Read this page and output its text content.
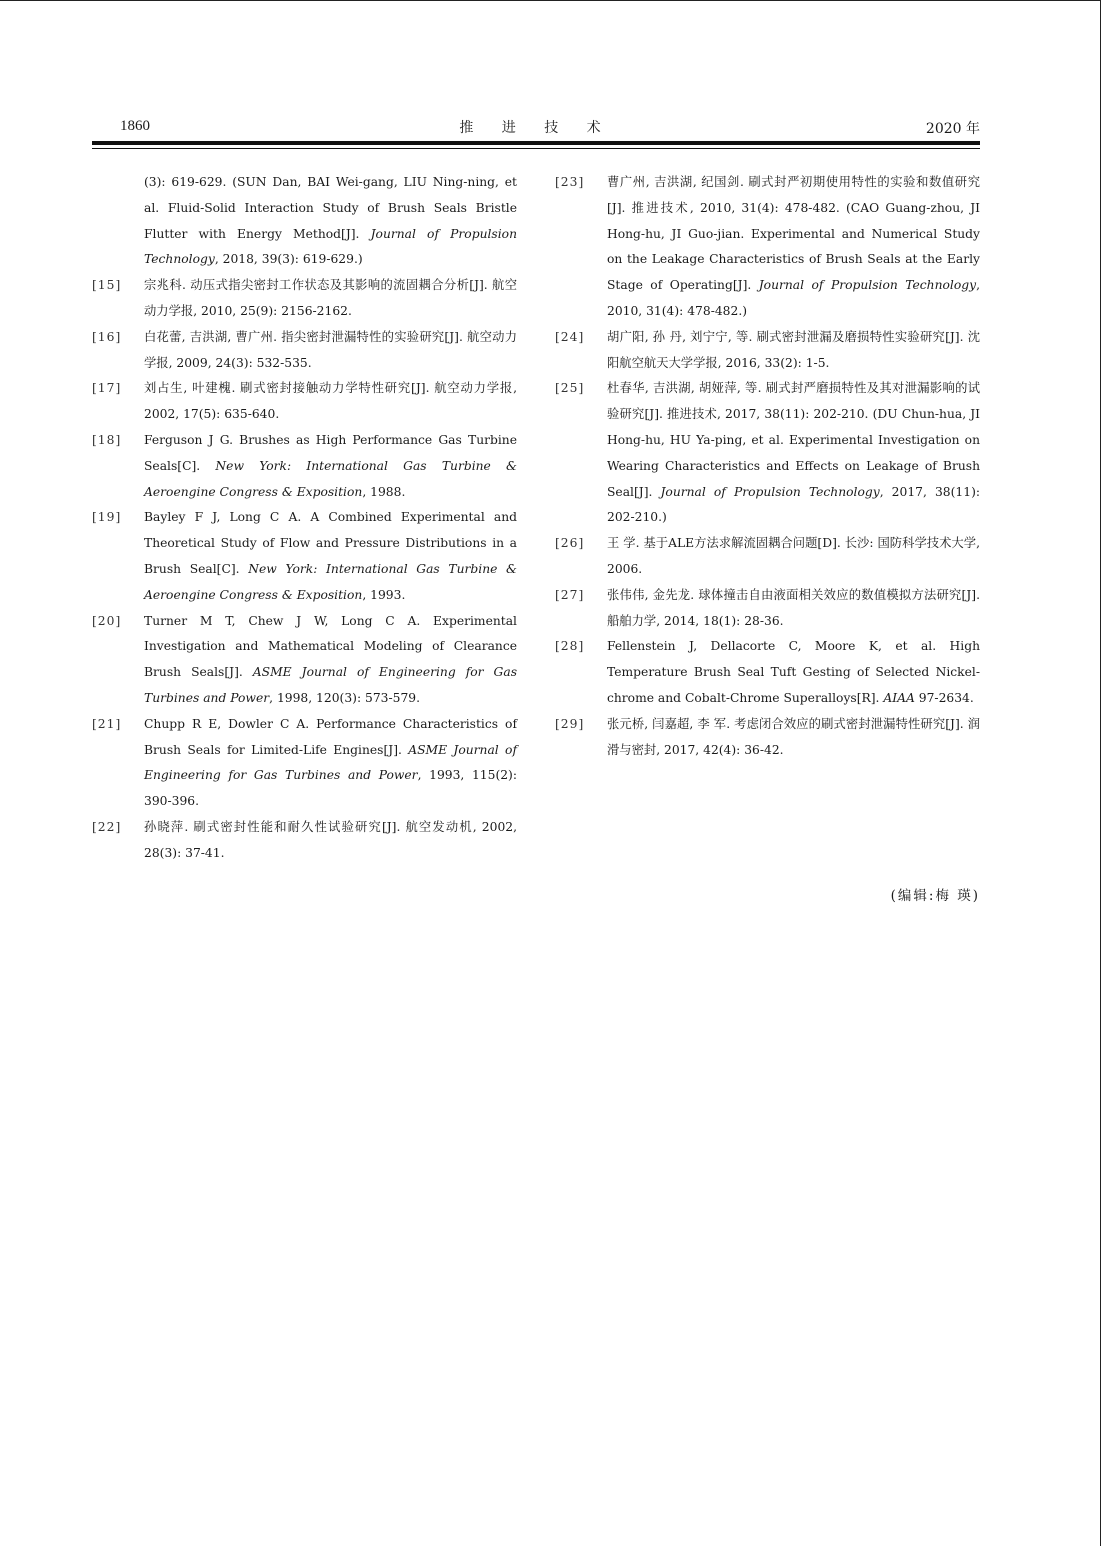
1860	推 进 技 术	2020 年

(3): 619-629. (SUN Dan, BAI Wei-gang, LIU Ning-ning, et al. Fluid-Solid Interaction Study of Brush Seals Bristle Flutter with Energy Method[J]. Journal of Propulsion Technology, 2018, 39(3): 619-629.)

[15]	宗兆科. 动压式指尖密封工作状态及其影响的流固耦合分析[J]. 航空动力学报, 2010, 25(9): 2156-2162.

[16]	白花蕾, 吉洪湖, 曹广州. 指尖密封泄漏特性的实验研究[J]. 航空动力学报, 2009, 24(3): 532-535.

[17]	刘占生, 叶建槐. 刷式密封接触动力学特性研究[J]. 航空动力学报, 2002, 17(5): 635-640.

[18]	Ferguson J G. Brushes as High Performance Gas Turbine Seals[C]. New York: International Gas Turbine & Aeroengine Congress & Exposition, 1988.

[19]	Bayley F J, Long C A. A Combined Experimental and Theoretical Study of Flow and Pressure Distributions in a Brush Seal[C]. New York: International Gas Turbine & Aeroengine Congress & Exposition, 1993.

[20]	Turner M T, Chew J W, Long C A. Experimental Investigation and Mathematical Modeling of Clearance Brush Seals[J]. ASME Journal of Engineering for Gas Turbines and Power, 1998, 120(3): 573-579.

[21]	Chupp R E, Dowler C A. Performance Characteristics of Brush Seals for Limited-Life Engines[J]. ASME Journal of Engineering for Gas Turbines and Power, 1993, 115(2): 390-396.

[22]	孙晓萍. 刷式密封性能和耐久性试验研究[J]. 航空发动机, 2002, 28(3): 37-41.

[23]	曹广州, 吉洪湖, 纪国剑. 刷式封严初期使用特性的实验和数值研究[J]. 推进技术, 2010, 31(4): 478-482. (CAO Guang-zhou, JI Hong-hu, JI Guo-jian. Experimental and Numerical Study on the Leakage Characteristics of Brush Seals at the Early Stage of Operating[J]. Journal of Propulsion Technology, 2010, 31(4): 478-482.)

[24]	胡广阳, 孙 丹, 刘宁宁, 等. 刷式密封泄漏及磨损特性实验研究[J]. 沈阳航空航天大学学报, 2016, 33(2): 1-5.

[25]	杜春华, 吉洪湖, 胡娅萍, 等. 刷式封严磨损特性及其对泄漏影响的试验研究[J]. 推进技术, 2017, 38(11): 202-210. (DU Chun-hua, JI Hong-hu, HU Ya-ping, et al. Experimental Investigation on Wearing Characteristics and Effects on Leakage of Brush Seal[J]. Journal of Propulsion Technology, 2017, 38(11): 202-210.)

[26]	王 学. 基于ALE方法求解流固耦合问题[D]. 长沙: 国防科学技术大学, 2006.

[27]	张伟伟, 金先龙. 球体撞击自由液面相关效应的数值模拟方法研究[J]. 船舶力学, 2014, 18(1): 28-36.

[28]	Fellenstein J, Dellacorte C, Moore K, et al. High Temperature Brush Seal Tuft Gesting of Selected Nickel-chrome and Cobalt-Chrome Superalloys[R]. AIAA 97-2634.

[29]	张元桥, 闫嘉超, 李 军. 考虑闭合效应的刷式密封泄漏特性研究[J]. 润滑与密封, 2017, 42(4): 36-42.

(编辑:梅 瑛)
